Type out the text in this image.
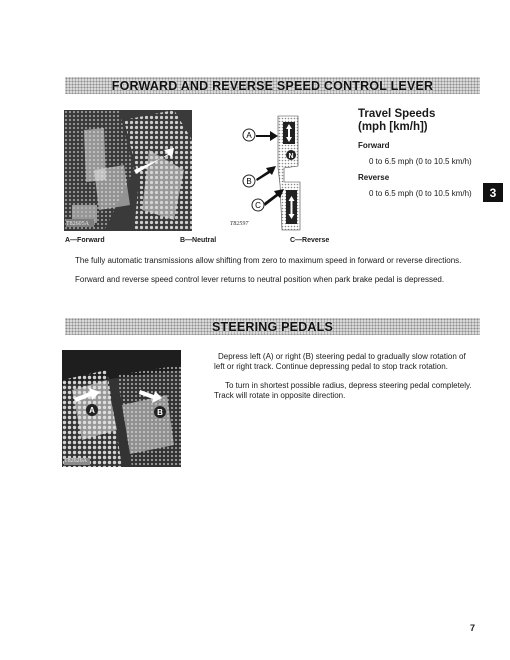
FORWARD AND REVERSE SPEED CONTROL LEVER
T82605A
N
A
B
C
T82597
Travel Speeds
(mph [km/h])
Forward
0 to 6.5 mph (0 to 10.5 km/h)
Reverse
0 to 6.5 mph (0 to 10.5 km/h)	3
A—Forward	B—Neutral	C—Reverse
The fully automatic transmissions allow shifting from zero to maximum speed in forward or reverse directions.
Forward and reverse speed control lever returns to neutral position when park brake pedal is depressed.
STEERING PEDALS
A	B
T82626A
Depress left (A) or right (B) steering pedal to gradually slow rotation of
left or right track. Continue depressing pedal to stop track rotation.
To turn in shortest possible radius, depress steering pedal completely.
Track will rotate in opposite direction.
7
